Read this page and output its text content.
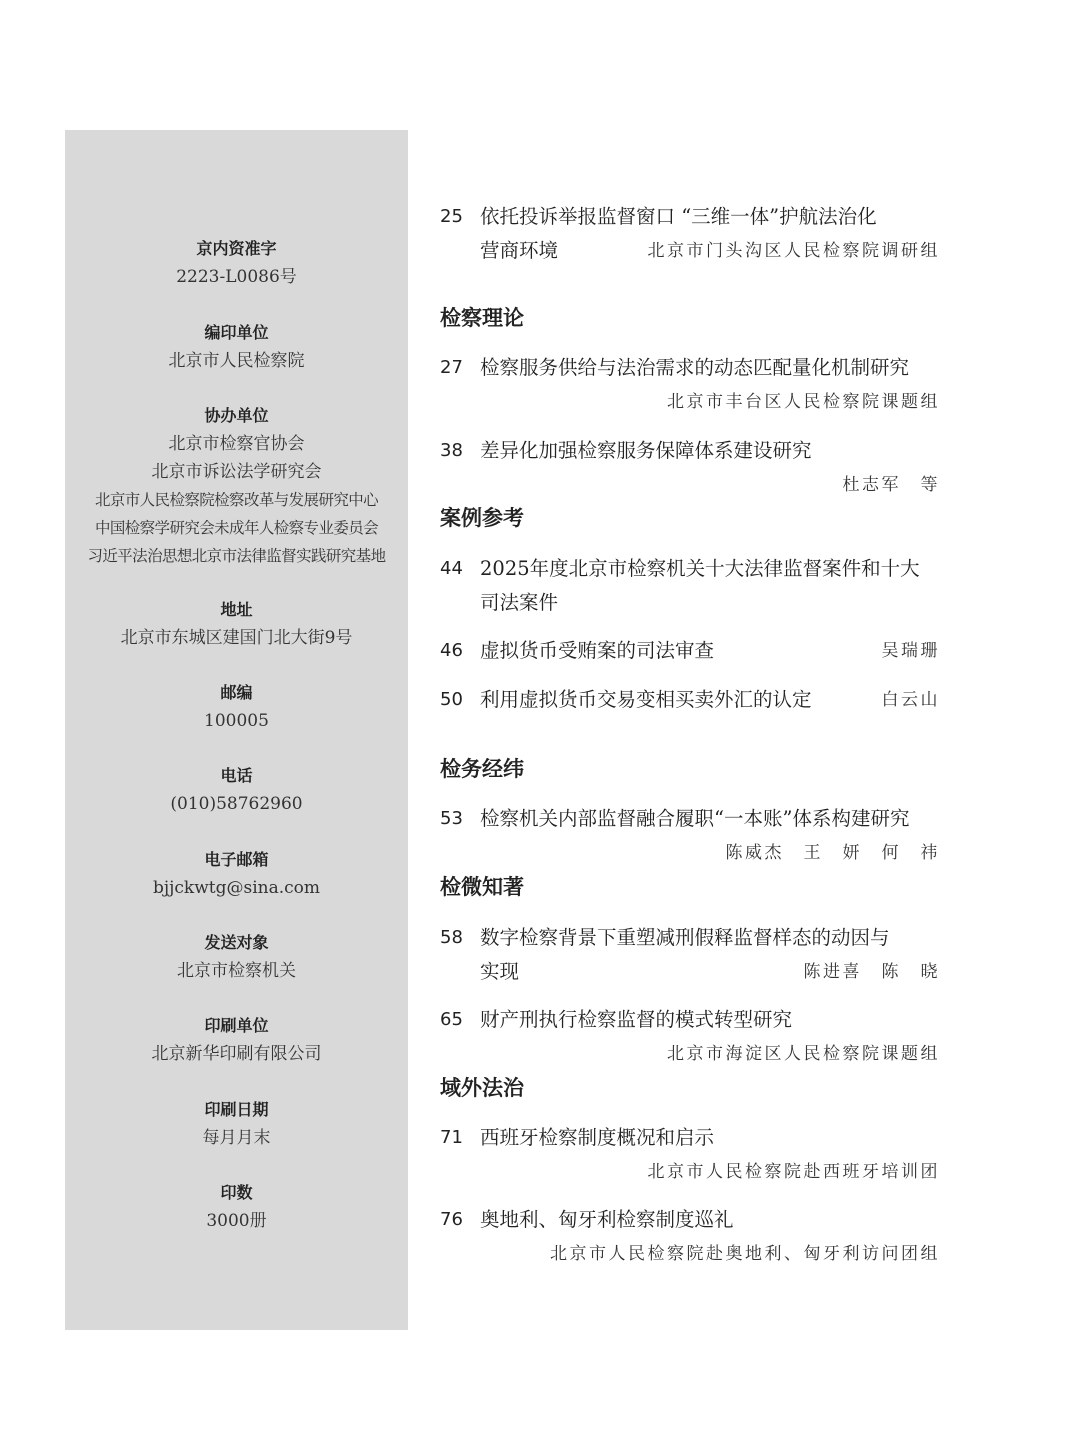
京内资准字
2223-L0086号
编印单位
北京市人民检察院
协办单位
北京市检察官协会
北京市诉讼法学研究会
北京市人民检察院检察改革与发展研究中心
中国检察学研究会未成年人检察专业委员会
习近平法治思想北京市法律监督实践研究基地
地址
北京市东城区建国门北大街9号
邮编
100005
电话
(010)58762960
电子邮箱
bjjckwtg@sina.com
发送对象
北京市检察机关
印刷单位
北京新华印刷有限公司
印刷日期
每月月末
印数
3000册
25 依托投诉举报监督窗口 “三维一体”护航法治化
营商环境	北京市门头沟区人民检察院调研组
检察理论
27 检察服务供给与法治需求的动态匹配量化机制研究
北京市丰台区人民检察院课题组
38 差异化加强检察服务保障体系建设研究
杜志军　等
案例参考
44 2025年度北京市检察机关十大法律监督案件和十大
司法案件
46 虚拟货币受贿案的司法审查	吴瑞珊
50 利用虚拟货币交易变相买卖外汇的认定	白云山
检务经纬
53 检察机关内部监督融合履职“一本账”体系构建研究
陈威杰　王　妍　何　祎
检微知著
58 数字检察背景下重塑减刑假释监督样态的动因与
实现	陈进喜　陈　晓
65 财产刑执行检察监督的模式转型研究
北京市海淀区人民检察院课题组
域外法治
71 西班牙检察制度概况和启示
北京市人民检察院赴西班牙培训团
76 奥地利、匈牙利检察制度巡礼
北京市人民检察院赴奥地利、匈牙利访问团组
